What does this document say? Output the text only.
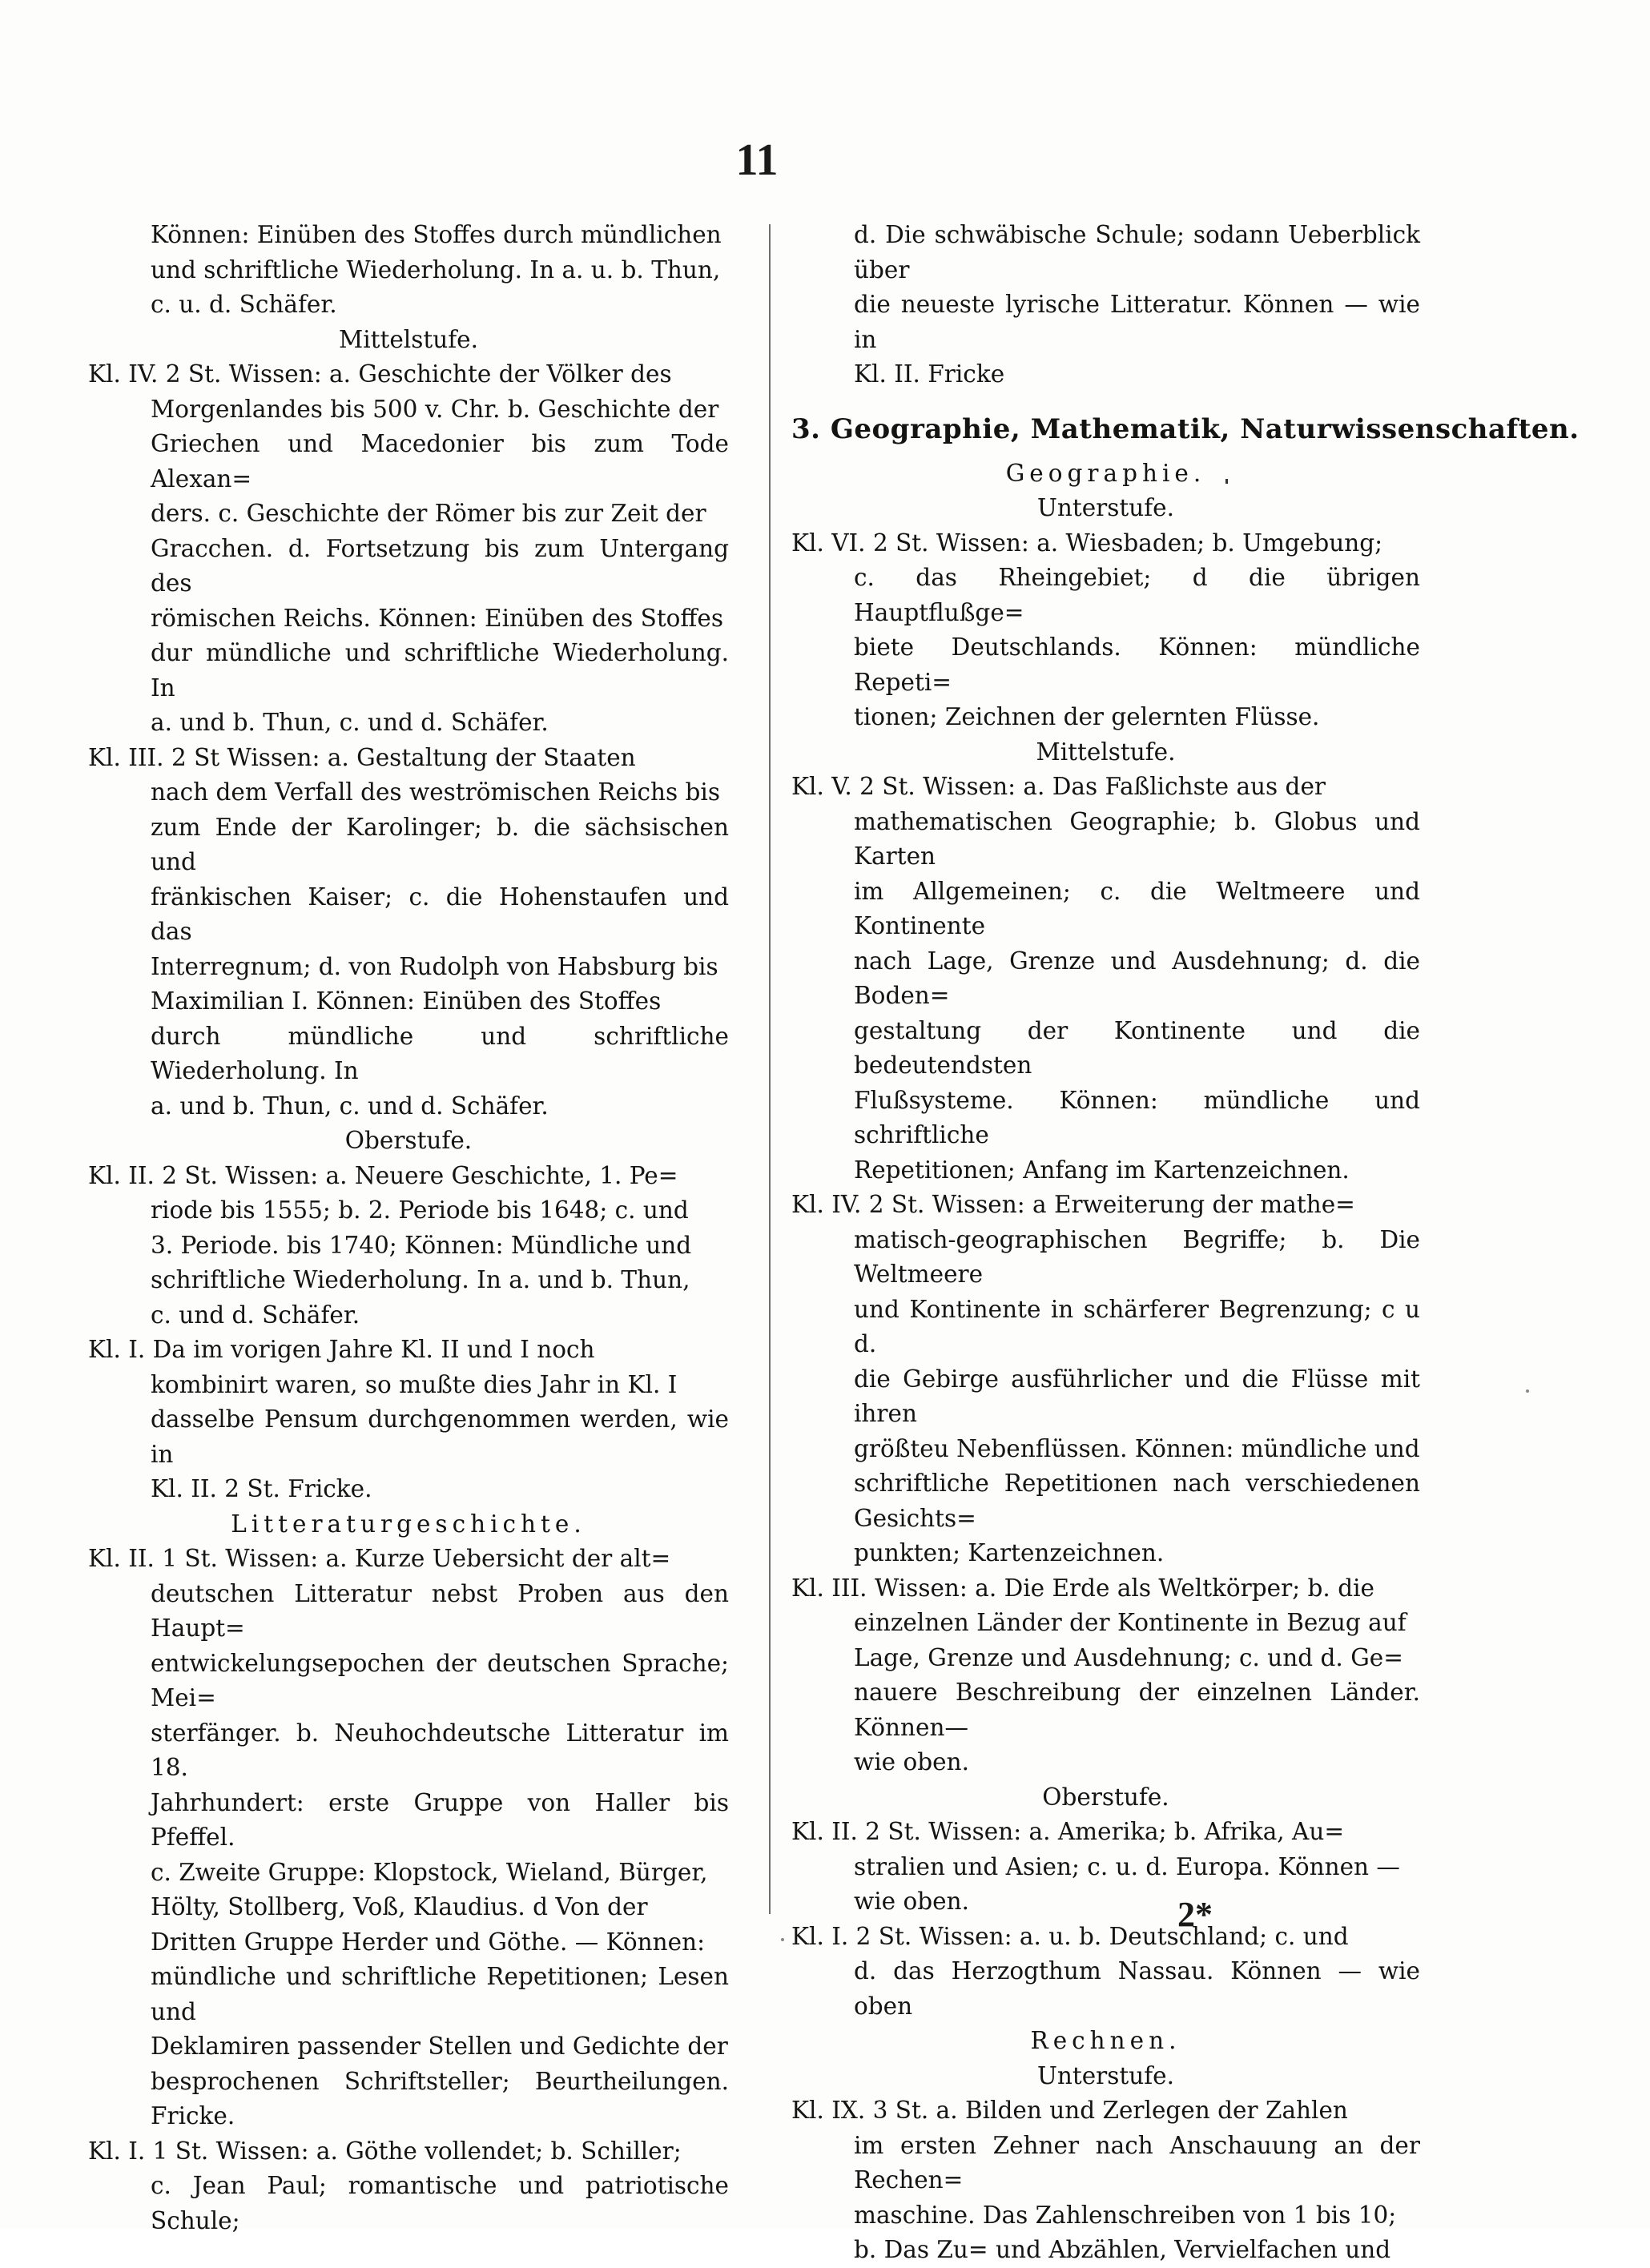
11
Können: Einüben des Stoffes durch mündlichen
und schriftliche Wiederholung. In a. u. b. Thun,
c. u. d. Schäfer.
Mittelstufe.
Kl. IV. 2 St. Wissen: a. Geschichte der Völker des
Morgenlandes bis 500 v. Chr. b. Geschichte der
Griechen und Macedonier bis zum Tode Alexan=
ders. c. Geschichte der Römer bis zur Zeit der
Gracchen. d. Fortsetzung bis zum Untergang des
römischen Reichs. Können: Einüben des Stoffes
dur mündliche und schriftliche Wiederholung. In
a. und b. Thun, c. und d. Schäfer.
Kl. III. 2 St Wissen: a. Gestaltung der Staaten
nach dem Verfall des weströmischen Reichs bis
zum Ende der Karolinger; b. die sächsischen und
fränkischen Kaiser; c. die Hohenstaufen und das
Interregnum; d. von Rudolph von Habsburg bis
Maximilian I. Können: Einüben des Stoffes
durch mündliche und schriftliche Wiederholung. In
a. und b. Thun, c. und d. Schäfer.
Oberstufe.
Kl. II. 2 St. Wissen: a. Neuere Geschichte, 1. Pe=
riode bis 1555; b. 2. Periode bis 1648; c. und
3. Periode. bis 1740; Können: Mündliche und
schriftliche Wiederholung. In a. und b. Thun,
c. und d. Schäfer.
Kl. I. Da im vorigen Jahre Kl. II und I noch
kombinirt waren, so mußte dies Jahr in Kl. I
dasselbe Pensum durchgenommen werden, wie in
Kl. II. 2 St. Fricke.
Litteraturgeschichte.
Kl. II. 1 St. Wissen: a. Kurze Uebersicht der alt=
deutschen Litteratur nebst Proben aus den Haupt=
entwickelungsepochen der deutschen Sprache; Mei=
sterfänger. b. Neuhochdeutsche Litteratur im 18.
Jahrhundert: erste Gruppe von Haller bis Pfeffel.
c. Zweite Gruppe: Klopstock, Wieland, Bürger,
Hölty, Stollberg, Voß, Klaudius. d Von der
Dritten Gruppe Herder und Göthe. — Können:
mündliche und schriftliche Repetitionen; Lesen und
Deklamiren passender Stellen und Gedichte der
besprochenen Schriftsteller; Beurtheilungen. Fricke.
Kl. I. 1 St. Wissen: a. Göthe vollendet; b. Schiller;
c. Jean Paul; romantische und patriotische Schule;
d. Die schwäbische Schule; sodann Ueberblick über
die neueste lyrische Litteratur. Können — wie in
Kl. II. Fricke
3. Geographie, Mathematik, Naturwissenschaften.
Geographie.
Unterstufe.
Kl. VI. 2 St. Wissen: a. Wiesbaden; b. Umgebung;
c. das Rheingebiet; d die übrigen Hauptflußge=
biete Deutschlands. Können: mündliche Repeti=
tionen; Zeichnen der gelernten Flüsse.
Mittelstufe.
Kl. V. 2 St. Wissen: a. Das Faßlichste aus der
mathematischen Geographie; b. Globus und Karten
im Allgemeinen; c. die Weltmeere und Kontinente
nach Lage, Grenze und Ausdehnung; d. die Boden=
gestaltung der Kontinente und die bedeutendsten
Flußsysteme. Können: mündliche und schriftliche
Repetitionen; Anfang im Kartenzeichnen.
Kl. IV. 2 St. Wissen: a Erweiterung der mathe=
matisch-geographischen Begriffe; b. Die Weltmeere
und Kontinente in schärferer Begrenzung; c u d.
die Gebirge ausführlicher und die Flüsse mit ihren
größteu Nebenflüssen. Können: mündliche und
schriftliche Repetitionen nach verschiedenen Gesichts=
punkten; Kartenzeichnen.
Kl. III. Wissen: a. Die Erde als Weltkörper; b. die
einzelnen Länder der Kontinente in Bezug auf
Lage, Grenze und Ausdehnung; c. und d. Ge=
nauere Beschreibung der einzelnen Länder. Können—
wie oben.
Oberstufe.
Kl. II. 2 St. Wissen: a. Amerika; b. Afrika, Au=
stralien und Asien; c. u. d. Europa. Können —
wie oben.
Kl. I. 2 St. Wissen: a. u. b. Deutschland; c. und
d. das Herzogthum Nassau. Können — wie oben
Rechnen.
Unterstufe.
Kl. IX. 3 St. a. Bilden und Zerlegen der Zahlen
im ersten Zehner nach Anschauung an der Rechen=
maschine. Das Zahlenschreiben von 1 bis 10;
b. Das Zu= und Abzählen, Vervielfachen und
2*
